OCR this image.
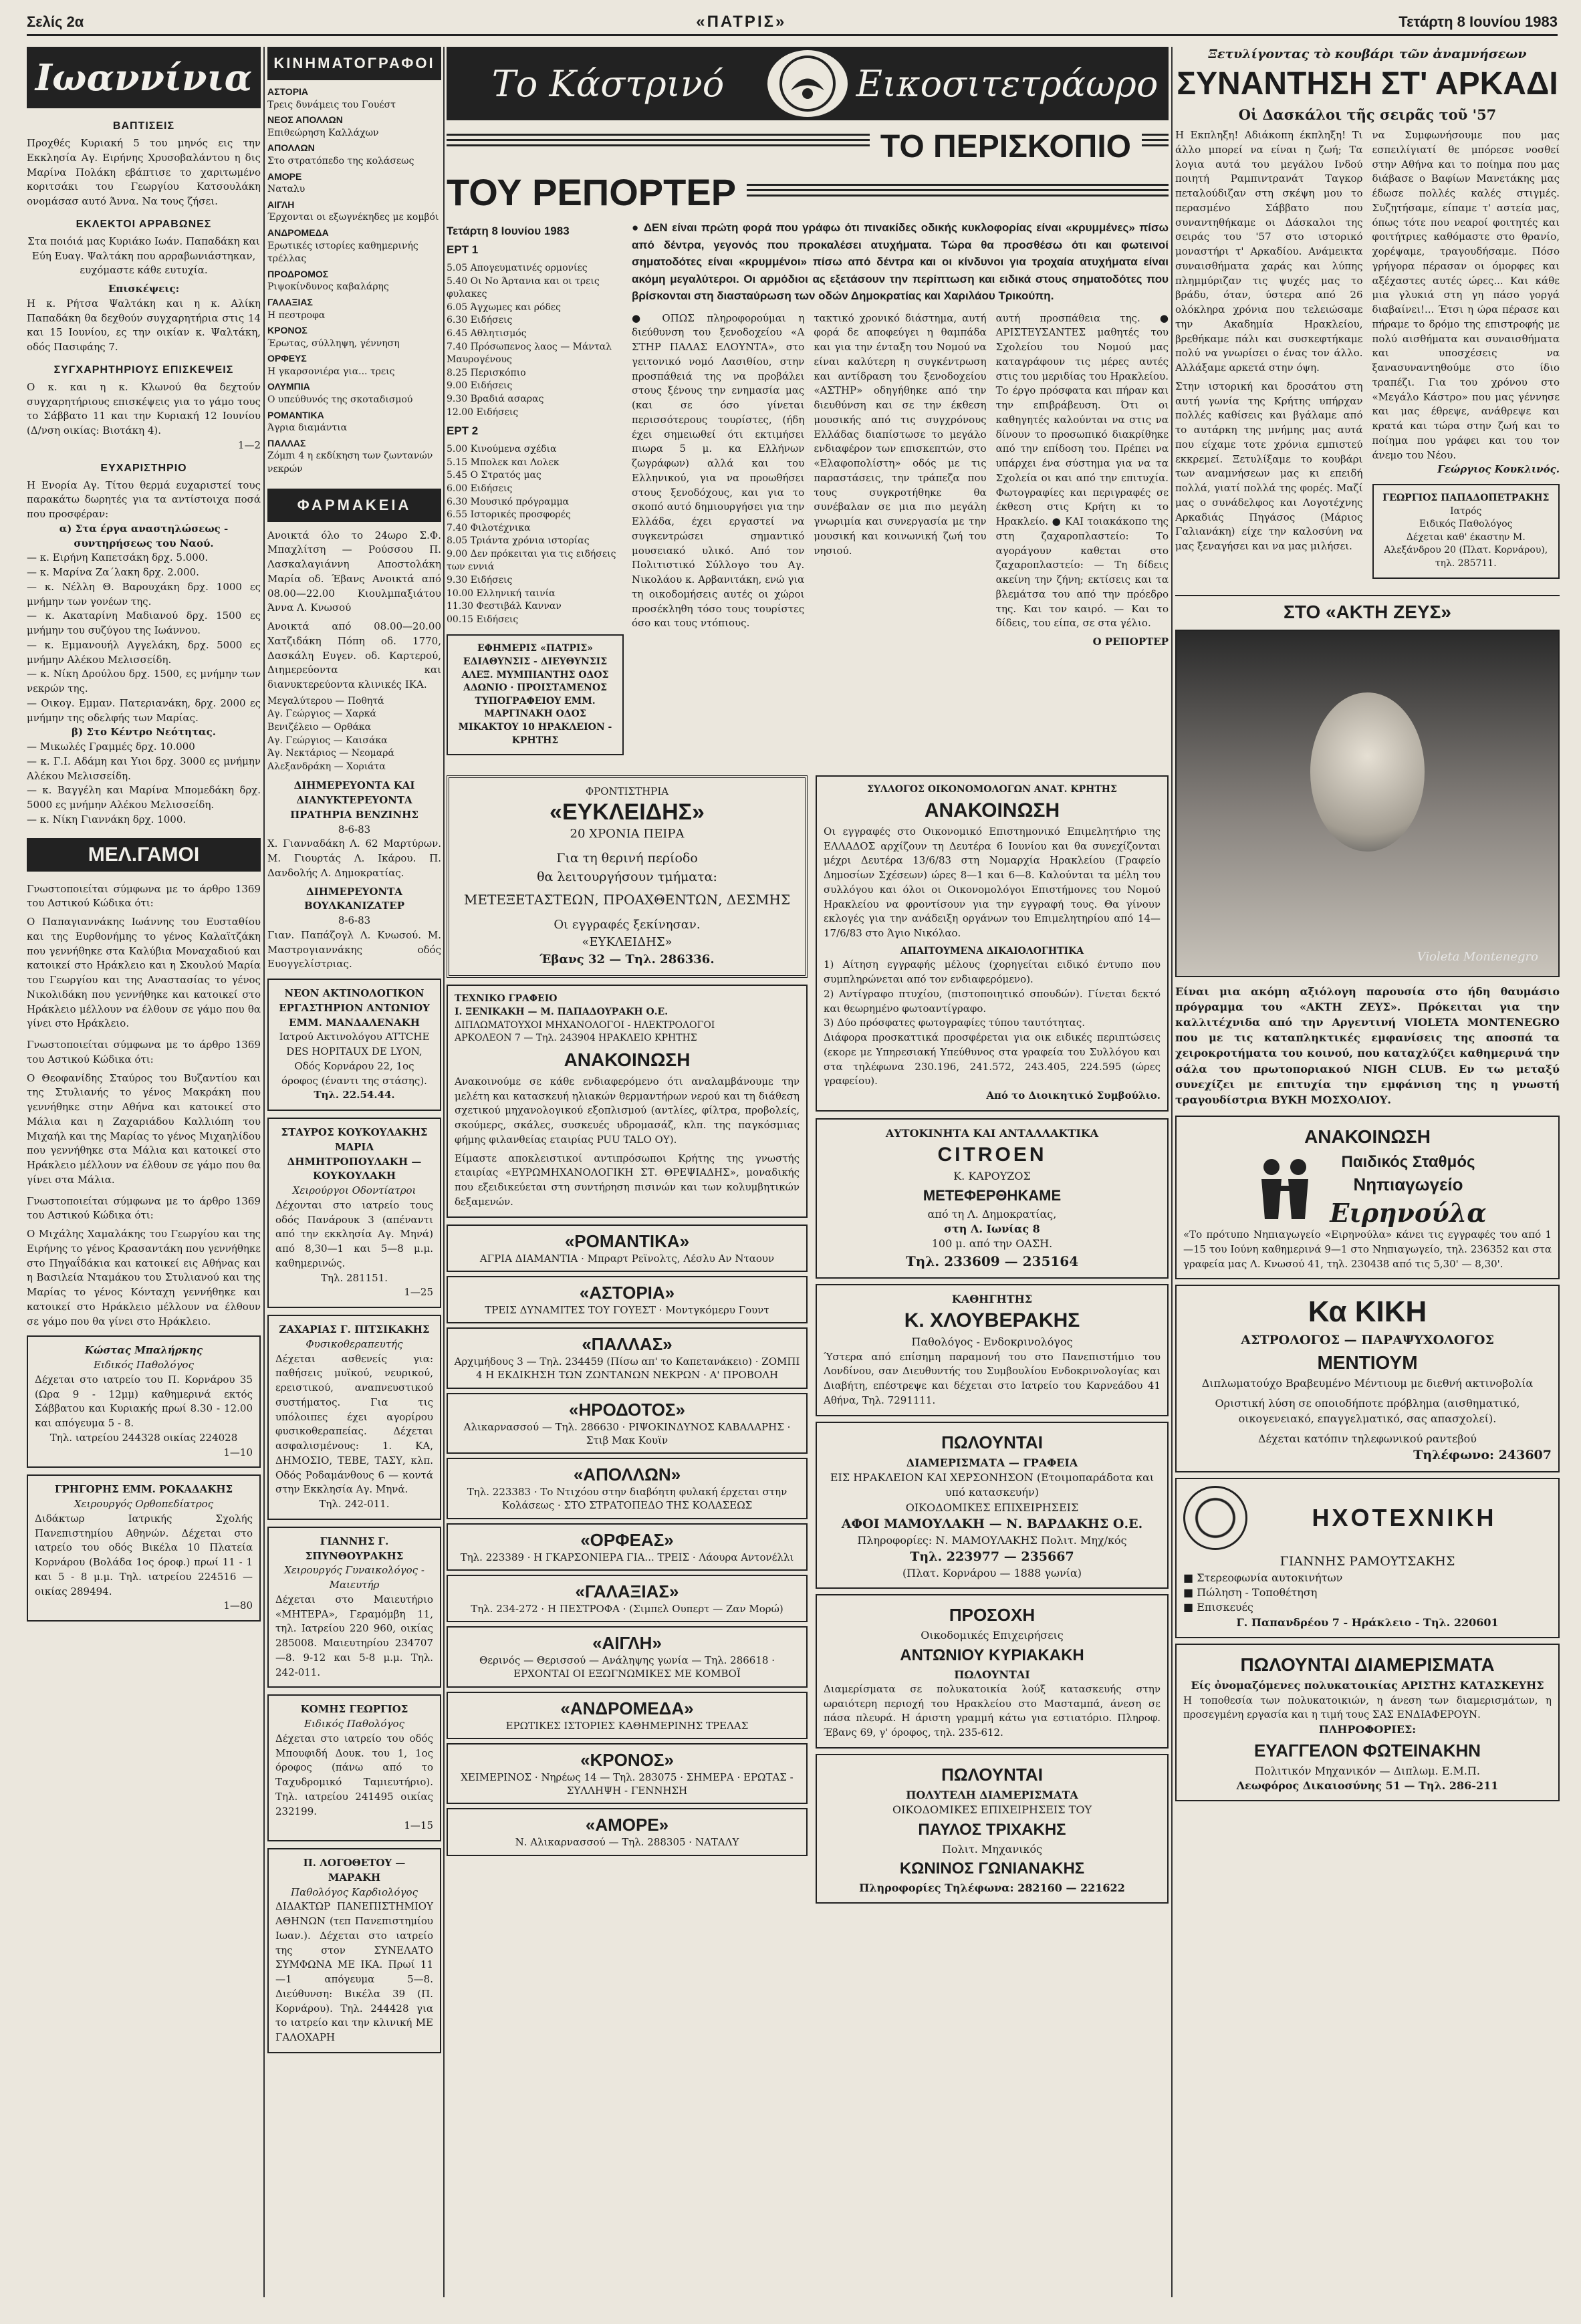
Σελίς 2α	«ΠΑΤΡΙΣ»	Τετάρτη 8 Ιουνίου 1983
Ιωαννίνια
ΒΑΠΤΙΣΕΙΣ

Προχθές Κυριακή 5 του μηνός εις την Εκκλησία Αγ. Ειρήνης Χρυσοβαλάντου η δις Μαρίνα Πολάκη εβάπτισε το χαριτωμένο κοριτσάκι του Γεωργίου Κατσουλάκη ονομάσασ αυτό Άννα. Να τους ζήσει.

ΕΚΛΕΚΤΟΙ ΑΡΡΑΒΩΝΕΣ

Στα ποιόιά μας Κυριάκο Ιωάν. Παπαδάκη και Εύη Ευαγ. Ψαλτάκη που αρραβωνιάστηκαν, ευχόμαστε κάθε ευτυχία.

Επισκέψεις:

Η κ. Ρήτσα Ψαλτάκη και η κ. Αλίκη Παπαδάκη θα δεχθούν συγχαρητήρια στις 14 και 15 Ιουνίου, ες την οικίαν κ. Ψαλτάκη, οδός Πασιφάης 7.

ΣΥΓΧΑΡΗΤΗΡΙΟΥΣ ΕΠΙΣΚΕΨΕΙΣ

Ο κ. και η κ. Κλωνού θα δεχτούν συγχαρητήριους επισκέψεις για το γάμο τους το Σάββατο 11 και την Κυριακή 12 Ιουνίου (Δ/νση οικίας: Βιοτάκη 4).

1—2

ΕΥΧΑΡΙΣΤΗΡΙΟ

Η Ενορία Αγ. Τίτου θερμά ευχαριστεί τους παρακάτω δωρητές για τα αντίστοιχα ποσά που προσφέραν:

α) Στα έργα αναστηλώσεως - συντηρήσεως του Ναού.

— κ. Ειρήνη Καπετσάκη δρχ. 5.000.

— κ. Μαρίνα Ζα΄λακη δρχ. 2.000.

— κ. Νέλλη Θ. Βαρουχάκη δρχ. 1000 ες μνήμην των γονέων της.

— κ. Ακαταρίνη Μαδιανού δρχ. 1500 ες μνήμην του συζύγου της Ιωάννου.

— κ. Εμμανουήλ Αγγελάκη, δρχ. 5000 ες μνήμην Αλέκου Μελισσείδη.

— κ. Νίκη Δρούλου δρχ. 1500, ες μνήμην των νεκρών της.

— Οικογ. Εμμαν. Πατεριανάκη, δρχ. 2000 ες μνήμην της οδελφής των Μαρίας.

β) Στο Κέντρο Νεότητας.

— Μικωλές Γραμμές δρχ. 10.000

— κ. Γ.Ι. Αδάμη και Υιοι δρχ. 3000 ες μνήμην Αλέκου Μελισσείδη.

— κ. Βαγγέλη και Μαρίνα Μπομεδάκη δρχ. 5000 ες μνήμην Αλέκου Μελισσείδη.

— κ. Νίκη Γιαννάκη δρχ. 1000.

ΜΕΛ.ΓΑΜΟΙ

Γνωστοποιείται σύμφωνα με το άρθρο 1369 του Αστικού Κώδικα ότι:

Ο Παπαγιαννάκης Ιωάννης του Ευσταθίου και της Ευρθονήμης το γένος Καλαϊτζάκη που γεννήθηκε στα Καλύβια Μοναχαδιού και κατοικεί στο Ηράκλειο και η Σκουλού Μαρία του Γεωργίου και της Αναστασίας το γένος Νικολιδάκη που γεννήθηκε και κατοικεί στο Ηράκλειο μέλλουν να έλθουν σε γάμο που θα γίνει στο Ηράκλειο.

Γνωστοποιείται σύμφωνα με το άρθρο 1369 του Αστικού Κώδικα ότι:

Ο Θεοφανίδης Σταύρος του Βυζαντίου και της Στυλιανής το γένος Μακράκη που γεννήθηκε στην Αθήνα και κατοικεί στο Μάλια και η Ζαχαριάδου Καλλιόπη του Μιχαήλ και της Μαρίας το γένος Μιχαηλίδου που γεννήθηκε στα Μάλια και κατοικεί στο Ηράκλειο μέλλουν να έλθουν σε γάμο που θα γίνει στα Μάλια.

Γνωστοποιείται σύμφωνα με το άρθρο 1369 του Αστικού Κώδικα ότι:

Ο Μιχάλης Χαμαλάκης του Γεωργίου και της Ειρήνης το γένος Κρασαντάκη που γεννήθηκε στο Πηγαΐδάκια και κατοικεί εις Αθήνας και η Βασιλεία Νταμάκου του Στυλιανού και της Μαρίας το γένος Κόνταχη γεννήθηκε και κατοικεί στο Ηράκλειο μέλλουν να έλθουν σε γάμο που θα γίνει στο Ηράκλειο.

Κώστας Μπαλήρκης

Ειδικός Παθολόγος

Δέχεται στο ιατρείο του Π. Κορνάρου 35 (Ωρα 9 - 12μμ) καθημερινά εκτός Σάββατου και Κυριακής πρωί 8.30 - 12.00 και απόγευμα 5 - 8.

Τηλ. ιατρείου 244328 οικίας 224028

1—10

ΓΡΗΓΟΡΗΣ ΕΜΜ. ΡΟΚΑΔΑΚΗΣ

Χειρουργός Ορθοπεδίατρος

Διδάκτωρ Ιατρικής Σχολής Πανεπιστημίου Αθηνών. Δέχεται στο ιατρείο του οδός Βικέλα 10 Πλατεία Κορνάρου (Βολάδα 1ος όροφ.) πρωί 11 - 1 και 5 - 8 μ.μ. Τηλ. ιατρείου 224516 — οικίας 289494.

1—80

ΚΙΝΗΜΑΤΟΓΡΑΦΟΙ

ΑΣΤΟΡΙΑ

Τρεις δυνάμεις του Γουέστ

ΝΕΟΣ ΑΠΟΛΛΩΝ

Επιθεώρηση Καλλάχων

ΑΠΟΛΛΩΝ

Στο στρατόπεδο της κολάσεως

ΑΜΟΡΕ

Ναταλυ

ΑΙΓΛΗ

Έρχονται οι εξωγνέκηδες με κομβόι

ΑΝΔΡΟΜΕΔΑ

Ερωτικές ιστορίες καθημερινής τρέλλας

ΠΡΟΔΡΟΜΟΣ

Ριψοκίνδυνος καβαλάρης

ΓΑΛΑΞΙΑΣ

Η πεστροφα

ΚΡΟΝΟΣ

Έρωτας, σύλληψη, γέννηση

ΟΡΦΕΥΣ

Η γκαρσονιέρα για... τρεις

ΟΛΥΜΠΙΑ

Ο υπεύθυνός της σκοταδισμού

ΡΟΜΑΝΤΙΚΑ

Άγρια διαμάντια

ΠΑΛΛΑΣ

Ζόμπι 4 η εκδίκηση των ζωντανών νεκρών

ΦΑΡΜΑΚΕΙΑ

Ανοικτά όλο το 24ωρο Σ.Φ. Μπαχλίτση — Ρούσσου Π. Λασκαλαγιάννη Αποστολάκη Μαρία οδ. Έβανς Ανοικτά από 08.00—22.00 Κιουλμπαξιάτου Άννα Λ. Κνωσού

Ανοικτά από 08.00—20.00 Χατζιδάκη Πόπη οδ. 1770, Δασκάλη Ευγεν. οδ. Καρτερού, Διημερεύοντα και διανυκτερεύοντα κλινικές ΙΚΑ.

Μεγαλύτερου — Ποθητά

Αγ. Γεώργιος — Χαρκά

Βενιζέλειο — Ορθάκα

Αγ. Γεώργιος — Καισάκα

Άγ. Νεκτάριος — Νεομαρά

Αλεξανδράκη — Χοριάτα

ΔΙΗΜΕΡΕΥΟΝΤΑ ΚΑΙ ΔΙΑΝΥΚΤΕΡΕΥΟΝΤΑ ΠΡΑΤΗΡΙΑ ΒΕΝΖΙΝΗΣ

8-6-83

Χ. Γιανναδάκη Λ. 62 Μαρτύρων. Μ. Γιουρτάς Λ. Ικάρου. Π. Δανδολής Λ. Δημοκρατίας.

ΔΙΗΜΕΡΕΥΟΝΤΑ ΒΟΥΛΚΑΝΙΖΑΤΕΡ

8-6-83

Γιαν. Παπάζογλ Λ. Κνωσού. Μ. Μαστρογιαννάκης οδός Ευογγελίστριας.

ΝΕΟΝ ΑΚΤΙΝΟΛΟΓΙΚΟΝ ΕΡΓΑΣΤΗΡΙΟΝ ΑΝΤΩΝΙΟΥ ΕΜΜ. ΜΑΝΔΑΛΕΝΑΚΗ

Ιατρού Ακτινολόγου ATTCHE DES HOPITAUX DE LYON, Οδός Κορνάρου 22, 1ος όροφος (έναντι της στάσης).

Τηλ. 22.54.44.

ΣΤΑΥΡΟΣ ΚΟΥΚΟΥΛΑΚΗΣ ΜΑΡΙΑ ΔΗΜΗΤΡΟΠΟΥΛΑΚΗ — ΚΟΥΚΟΥΛΑΚΗ

Χειρούργοι Οδοντίατροι

Δέχονται στο ιατρείο τους οδός Πανάρουκ 3 (απέναντι από την εκκλησία Αγ. Μηνά) από 8,30—1 και 5—8 μ.μ. καθημερινώς.

Τηλ. 281151.

1—25

ΖΑΧΑΡΙΑΣ Γ. ΠΙΤΣΙΚΑΚΗΣ

Φυσικοθεραπευτής

Δέχεται ασθενείς για: παθήσεις μυϊκού, νευρικού, ερειστικού, αναπνευστικού συστήματος. Για τις υπόλοιπες έχει αγορίρου φυσικοθεραπείας. Δέχεται ασφαλισμένους: 1. ΚΑ, ΔΗΜΟΣΙΟ, ΤΕΒΕ, ΤΑΣΥ, κλπ. Οδός Ροδαμάνθους 6 — κοντά στην Εκκλησία Αγ. Μηνά.

Τηλ. 242-011.

ΓΙΑΝΝΗΣ Γ. ΣΠΥΝΘΟΥΡΑΚΗΣ

Χειρουργός Γυναικολόγος - Μαιευτήρ

Δέχεται στο Μαιευτήριο «ΜΗΤΕΡΑ», Γεραμόμβη 11, τηλ. Ιατρείου 220 960, οικίας 285008. Μαιευτηρίου 234707—8. 9-12 και 5-8 μ.μ. Τηλ. 242-011.

ΚΟΜΗΣ ΓΕΩΡΓΙΟΣ

Ειδικός Παθολόγος

Δέχεται στο ιατρείο του οδός Μπουφιδή Δουκ. του 1, 1ος όροφος (πάνω από το Ταχυδρομικό Ταμιευτήριο). Τηλ. ιατρείου 241495 οικίας 232199.

1—15

Π. ΛΟΓΟΘΕΤΟΥ — ΜΑΡΑΚΗ

Παθολόγος Καρδιολόγος

ΔΙΔΑΚΤΩΡ ΠΑΝΕΠΙΣΤΗΜΙΟΥ ΑΘΗΝΩΝ (τεπ Πανεπιστημίου Ιωαν.). Δέχεται στο ιατρείο της στον ΣΥΝΕΛΑΤΟ ΣΥΜΦΩΝΑ ΜΕ ΙΚΑ. Πρωί 11—1 απόγευμα 5—8. Διεύθυνση: Βικέλα 39 (Π. Κορνάρου). Τηλ. 244428 για το ιατρείο και την κλινική ΜΕ ΓΑΛΟΧΑΡΗ

Το Κάστρινό	Εικοσιτετράωρο
ΤΟ ΠΕΡΙΣΚΟΠΙΟ
ΤΟΥ ΡΕΠΟΡΤΕΡ
Τετάρτη 8 Ιουνίου 1983
ΕΡΤ 1

5.05 Απογευματινές ορμονίες

5.40 Οι Νο Άρτανια και οι τρεις φυλακες

6.05 Άγχωμες και ρόδες

6.30 Ειδήσεις

6.45 Αθλητισμός

7.40 Πρόσωπενος λαος — Μάνταλ Μαυρογένους

8.25 Περισκόπιο

9.00 Ειδήσεις

9.30 Βραδιά ασαρας

12.00 Ειδήσεις

ΕΡΤ 2

5.00 Κινούμενα σχέδια

5.15 Μπολεκ και Λολεκ

5.45 Ο Στρατός μας

6.00 Ειδήσεις

6.30 Μουσικό πρόγραμμα

6.55 Ιστορικές προσφορές

7.40 Φιλοτέχνικα

8.05 Τριάντα χρόνια ιστορίας

9.00 Δεν πρόκειται για τις ειδήσεις των εννιά

9.30 Ειδήσεις

10.00 Ελληνική ταινία

11.30 Φεστιβάλ Κανναν

00.15 Ειδήσεις

ΕΦΗΜΕΡΙΣ «ΠΑΤΡΙΣ» ΕΔΙΑΘΥΝΣΙΣ - ΔΙΕΥΘΥΝΣΙΣ ΑΛΕΞ. ΜΥΜΠΙΑΝΤΗΣ ΟΔΟΣ ΑΔΩΝΙΟ · ΠΡΟΙΣΤΑΜΕΝΟΣ ΤΥΠΟΓΡΑΦΕΙΟΥ ΕΜΜ. ΜΑΡΓΙΝΑΚΗ ΟΔΟΣ ΜΙΚΑΚΤΟΥ 10 ΗΡΑΚΛΕΙΟΝ - ΚΡΗΤΗΣ

● ΔΕΝ είναι πρώτη φορά που γράφω ότι πινακίδες οδικής κυκλοφορίας είναι «κρυμμένες» πίσω από δέντρα, γεγονός που προκαλέσει ατυχήματα. Τώρα θα προσθέσω ότι και φωτεινοί σηματοδότες είναι «κρυμμένοι» πίσω από δέντρα και οι κίνδυνοι για τροχαία ατυχήματα είναι ακόμη μεγαλύτεροι. Οι αρμόδιοι ας εξετάσουν την περίπτωση και ειδικά στους σηματοδότες που βρίσκονται στη διασταύρωση των οδών Δημοκρατίας και Χαριλάου Τρικούπη.

● ΟΠΩΣ πληροφορούμαι η διεύθυνση του ξενοδοχείου «Α ΣΤΗΡ ΠΑΛΑΣ ΕΛΟΥΝΤΑ», στο γειτονικό νομό Λασιθίου, στην προσπάθειά της να προβάλει στους ξένους την ενημασία μας (και σε όσο γίνεται περισσότερους τουρίστες, (ήδη έχει σημειωθεί ότι εκτιμήσει πιωρα 5 μ. κα Ελλήνων ζωγράφων) αλλά και του Ελληνικού, για να προωθήσει στους ξενοδόχους, και για το σκοπό αυτό δημιουργήσει για την Ελλάδα, έχει εργαστεί να συγκεντρώσει σημαντικό μουσειακό υλικό. Από τον Πολιτιστικό Σύλλογο του Αγ. Νικολάου κ. Αρβανιτάκη, ενώ για τη οικοδομήσεις αυτές οι χώροι προσέκληθη τόσο τους τουρίστες όσο και τους ντόπιους.

τακτικό χρονικό διάστημα, αυτή φορά δε αποφεύγει η θαμπάδα και για την ένταξη του Νομού να είναι καλύτερη η συγκέντρωση και αντίδραση του ξενοδοχείου «ΑΣΤΗΡ» οδηγήθηκε από την διευθύνση και σε την έκθεση μουσικής από τις συγχρόνους Ελλάδας διαπίστωσε το μεγάλο ενδιαφέρον των επισκεπτών, στο «Ελαφοπολίστη» οδός με τις παραστάσεις, την τράπεζα που τους συγκροτήθηκε θα συνέβαλαν σε μια πιο μεγάλη γνωριμία και συνεργασία με την μουσική και κοινωνική ζωή του νησιού.

αυτή προσπάθεια της. ● ΑΡΙΣΤΕΥΣΑΝΤΕΣ μαθητές του Σχολείου του Νομού μας καταγράφουν τις μέρες αυτές στις του μεριδίας του Ηρακλείου. Το έργο πρόσφατα και πήραν και την επιβράβευση. Ότι οι καθηγητές καλούνται να στις να δίνουν το προσωπικό διακρίθηκε από την επίδοση του. Πρέπει να υπάρχει ένα σύστημα για να τα Σχολεία οι και από την επιτυχία. Φωτογραφίες και περιγραφές σε έκθεση στις Κρήτη κι το Ηρακλείο. ● ΚΑΙ τοιακάκοπο της στη ζαχαροπλαστείο: Το αγοράγουν καθεται στο ζαχαροπλαστείο: — Τη δίδεις ακείνη την ζήνη; εκτίσεις και τα βλεμάτσα του από την πρόεδρο της. Και τον καιρό. — Και το δίδεις, του είπα, σε στα γέλιο.

Ο ΡΕΠΟΡΤΕΡ

ΦΡΟΝΤΙΣΤΗΡΙΑ

«ΕΥΚΛΕΙΔΗΣ»

20 ΧΡΟΝΙΑ ΠΕΙΡΑ

Για τη θερινή περίοδο

θα λειτουργήσουν τμήματα:

ΜΕΤΕΞΕΤΑΣΤΕΩΝ, ΠΡΟΑΧΘΕΝΤΩΝ, ΔΕΣΜΗΣ

Οι εγγραφές ξεκίνησαν.

«ΕΥΚΛΕΙΔΗΣ»

Έβανς 32 — Τηλ. 286336.

ΤΕΧΝΙΚΟ ΓΡΑΦΕΙΟ

Ι. ΞΕΝΙΚΑΚΗ — Μ. ΠΑΠΑΔΟΥΡΑΚΗ Ο.Ε.

ΔΙΠΛΩΜΑΤΟΥΧΟΙ ΜΗΧΑΝΟΛΟΓΟΙ - ΗΛΕΚΤΡΟΛΟΓΟΙ

ΑΡΚΟΛΕΟΝ 7 — Τηλ. 243904 ΗΡΑΚΛΕΙΟ ΚΡΗΤΗΣ

ΑΝΑΚΟΙΝΩΣΗ

Ανακοινούμε σε κάθε ενδιαφερόμενο ότι αναλαμβάνουμε την μελέτη και κατασκευή ηλιακών θερμαντήρων νερού και τη διάθεση σχετικού μηχανολογικού εξοπλισμού (αντλίες, φίλτρα, προβολείς, σκούμερς, σκάλες, συσκευές υδρομασάζ, κλπ. της παγκόσμιας φήμης φιλανθείας εταιρίας PUU TALO OY).

Είμαστε αποκλειστικοί αντιπρόσωποι Κρήτης της γνωστής εταιρίας «ΕΥΡΩΜΗΧΑΝΟΛΟΓΙΚΗ ΣΤ. ΘΡΕΨΙΑΔΗΣ», μοναδικής που εξειδικεύεται στη συντήρηση πισινών και των κολυμβητικών δεξαμενών.

«ΡΟΜΑΝΤΙΚΑ»

ΑΓΡΙΑ ΔΙΑΜΑΝΤΙΑ · Μπραρτ Ρεϊνολτς, Λέσλυ Αν Νταουν

«ΑΣΤΟΡΙΑ»

ΤΡΕΙΣ ΔΥΝΑΜΙΤΕΣ ΤΟΥ ΓΟΥΕΣΤ · Μοντγκόμερυ Γουντ

«ΠΑΛΛΑΣ»

Αρχιμήδους 3 — Τηλ. 234459 (Πίσω απ' το Καπετανάκειο) · ΖΟΜΠΙ 4 Η ΕΚΔΙΚΗΣΗ ΤΩΝ ΖΩΝΤΑΝΩΝ ΝΕΚΡΩΝ · Α' ΠΡΟΒΟΛΗ

«ΗΡΟΔΟΤΟΣ»

Αλικαρνασσού — Τηλ. 286630 · ΡΙΨΟΚΙΝΔΥΝΟΣ ΚΑΒΑΛΑΡΗΣ · Στιβ Μακ Κουϊν

«ΑΠΟΛΛΩΝ»

Τηλ. 223383 · Το Ντιχόου στην διαβόητη φυλακή έρχεται στην Κολάσεως · ΣΤΟ ΣΤΡΑΤΟΠΕΔΟ ΤΗΣ ΚΟΛΑΣΕΩΣ

«ΟΡΦΕΑΣ»

Τηλ. 223389 · Η ΓΚΑΡΣΟΝΙΕΡΑ ΓΙΑ... ΤΡΕΙΣ · Λάουρα Αντονέλλι

«ΓΑΛΑΞΙΑΣ»

Τηλ. 234-272 · Η ΠΕΣΤΡΟΦΑ · (Σιμπελ Ουπερτ — Ζαν Μορώ)

«ΑΙΓΛΗ»

Θερινός — Θερισσού — Ανάληψης γωνία — Τηλ. 286618 · ΕΡΧΟΝΤΑΙ ΟΙ ΕΞΩΓΝΩΜΙΚΕΣ ΜΕ ΚΟΜΒΟΪ

«ΑΝΔΡΟΜΕΔΑ»

ΕΡΩΤΙΚΕΣ ΙΣΤΟΡΙΕΣ ΚΑΘΗΜΕΡΙΝΗΣ ΤΡΕΛΑΣ

«ΚΡΟΝΟΣ»

ΧΕΙΜΕΡΙΝΟΣ · Νηρέως 14 — Τηλ. 283075 · ΣΗΜΕΡΑ · ΕΡΩΤΑΣ - ΣΥΛΛΗΨΗ - ΓΕΝΝΗΣΗ

«ΑΜΟΡΕ»

Ν. Αλικαρνασσού — Τηλ. 288305 · ΝΑΤΑΛΥ

ΣΥΛΛΟΓΟΣ ΟΙΚΟΝΟΜΟΛΟΓΩΝ ΑΝΑΤ. ΚΡΗΤΗΣ

ΑΝΑΚΟΙΝΩΣΗ

Οι εγγραφές στο Οικονομικό Επιστημονικό Επιμελητήριο της ΕΛΛΑΔΟΣ αρχίζουν τη Δευτέρα 6 Ιουνίου και θα συνεχίζονται μέχρι Δευτέρα 13/6/83 στη Νομαρχία Ηρακλείου (Γραφείο Δημοσίων Σχέσεων) ώρες 8—1 και 6—8. Καλούνται τα μέλη του συλλόγου και όλοι οι Οικονομολόγοι Επιστήμονες του Νομού Ηρακλείου να φροντίσουν για την εγγραφή τους. Θα γίνουν εκλογές για την ανάδειξη οργάνων του Επιμελητηρίου από 14—17/6/83 στο Άγιο Νικόλαο.

ΑΠΑΙΤΟΥΜΕΝΑ ΔΙΚΑΙΟΛΟΓΗΤΙΚΑ

1) Αίτηση εγγραφής μέλους (χορηγείται ειδικό έντυπο που συμπληρώνεται από τον ενδιαφερόμενο).

2) Αντίγραφο πτυχίου, (πιστοποιητικό σπουδών). Γίνεται δεκτό και θεωρημένο φωτοαντίγραφο.

3) Δύο πρόσφατες φωτογραφίες τύπου ταυτότητας.

Διάφορα προσκαττικά προσφέρεται για οικ ειδικές περιπτώσεις (εκορε με Υπηρεσιακή Υπεύθυνος στα γραφεία του Συλλόγου και στα τηλέφωνα 230.196, 241.572, 243.405, 224.595 (ώρες γραφείου).

Από το Διοικητικό Συμβούλιο.

ΑΥΤΟΚΙΝΗΤΑ ΚΑΙ ΑΝΤΑΛΛΑΚΤΙΚΑ

CITROEN

Κ. ΚΑΡΟΥΖΟΣ

ΜΕΤΕΦΕΡΘΗΚΑΜΕ

από τη Λ. Δημοκρατίας,

στη Λ. Ιωνίας 8

100 μ. από την ΟΑΣΗ.

Τηλ. 233609 — 235164

ΚΑΘΗΓΗΤΗΣ

Κ. ΧΛΟΥΒΕΡΑΚΗΣ

Παθολόγος - Ενδοκρινολόγος

Ύστερα από επίσημη παραμονή του στο Πανεπιστήμιο του Λονδίνου, σαν Διευθυντής του Συμβουλίου Ενδοκρινολογίας και Διαβήτη, επέστρεψε και δέχεται στο Ιατρείο του Καρνεάδου 41 Αθήνα, Τηλ. 7291111.

ΠΩΛΟΥΝΤΑΙ

ΔΙΑΜΕΡΙΣΜΑΤΑ — ΓΡΑΦΕΙΑ

ΕΙΣ ΗΡΑΚΛΕΙΟΝ ΚΑΙ ΧΕΡΣΟΝΗΣΟΝ (Ετοιμοπαράδοτα και υπό κατασκευήν)

ΟΙΚΟΔΟΜΙΚΕΣ ΕΠΙΧΕΙΡΗΣΕΙΣ

ΑΦΟΙ ΜΑΜΟΥΛΑΚΗ — Ν. ΒΑΡΔΑΚΗΣ Ο.Ε.

Πληροφορίες: Ν. ΜΑΜΟΥΛΑΚΗΣ Πολιτ. Μηχ/κός

Τηλ. 223977 — 235667

(Πλατ. Κορνάρου — 1888 γωνία)

ΠΡΟΣΟΧΗ

Οικοδομικές Επιχειρήσεις

ΑΝΤΩΝΙΟΥ ΚΥΡΙΑΚΑΚΗ

ΠΩΛΟΥΝΤΑΙ

Διαμερίσματα σε πολυκατοικία λούξ κατασκευής στην ωραιότερη περιοχή του Ηρακλείου στο Μασταμπά, άνεση σε πάσα πλευρά. Η άριστη γραμμή κάτω για εστιατόριο. Πληροφ. Έβανς 69, γ' όροφος, τηλ. 235-612.

ΠΩΛΟΥΝΤΑΙ

ΠΟΛΥΤΕΛΗ ΔΙΑΜΕΡΙΣΜΑΤΑ

ΟΙΚΟΔΟΜΙΚΕΣ ΕΠΙΧΕΙΡΗΣΕΙΣ ΤΟΥ

ΠΑΥΛΟΣ ΤΡΙΧΑΚΗΣ

Πολιτ. Μηχανικός

ΚΩΝΙΝΟΣ ΓΩΝΙΑΝΑΚΗΣ

Πληροφορίες Τηλέφωνα: 282160 — 221622

Ξετυλίγοντας τὸ κουβάρι τῶν ἀναμνήσεων

ΣΥΝΑΝΤΗΣΗ ΣΤ' ΑΡΚΑΔΙ

Οἱ Δασκάλοι τῆς σειρᾶς τοῦ '57

Η Εκπληξη! Αδιάκοπη έκπληξη! Τι άλλο μπορεί να είναι η ζωή; Τα λογια αυτά του μεγάλου Ινδού ποιητή Ραμπιντρανάτ Ταγκορ πεταλούδιζαν στη σκέψη μου το περασμένο Σάββατο που συναντηθήκαμε οι Δάσκαλοι της σειράς του '57 στο ιστορικό μοναστήρι τ' Αρκαδίου. Ανάμεικτα συναισθήματα χαράς και λύπης πλημμύριζαν τις ψυχές μας το βράδυ, όταν, ύστερα από 26 ολόκληρα χρόνια που τελειώσαμε την Ακαδημία Ηρακλείου, βρεθήκαμε πάλι και συσκεφτήκαμε πολύ να γνωρίσει ο ένας τον άλλο. Αλλάξαμε αρκετά στην όψη.

Στην ιστορική και δροσάτου στη αυτή γωνία της Κρήτης υπήρχαν πολλές καθίσεις και βγάλαμε από το αυτάρκη της μνήμης μας αυτά που είχαμε τοτε χρόνια εμπιστεύ εκκρεμεί. Ξετυλίξαμε το κουβάρι των αναμνήσεων μας κι επειδή πολλά, γιατί πολλά της φορές. Μαζί μας ο συνάδελφος και Λογοτέχνης Αρκαδιάς Πηγάσος (Μάριος Γαλιανάκη) είχε την καλοσύνη να μας ξεναγήσει και να μας μιλήσει.

να Συμφωνήσουμε που μας εσπειλίγιατί θε μπόρεσε νοσθεί στην Αθήνα και το ποίημα που μας διάβασε ο Βαφίων Μανετάκης μας έδωσε πολλές καλές στιγμές. Συζητήσαμε, είπαμε τ' αστεία μας, όπως τότε που νεαροί φοιτητές και φοιτήτριες καθόμαστε στο θρανίο, χορέψαμε, τραγουδήσαμε. Πόσο γρήγορα πέρασαν οι όμορφες και αξέχαστες αυτές ώρες... Και κάθε μια γλυκιά στη γη πάσο γοργά διαβαίνει!... Έτσι η ώρα πέρασε και πήραμε το δρόμο της επιστροφής με πολύ αισθήματα και συναισθήματα και υποσχέσεις να ξανασυναντηθούμε στο ίδιο τραπέζι. Για του χρόνου στο «Μεγάλο Κάστρο» που μας γέννησε και μας έθρεψε, ανάθρεψε και κρατά και τώρα στην ζωή και το ποίημα που γράφει και του τον άνεμο του Νέου.

Γεώργιος Κουκλινός.

ΓΕΩΡΓΙΟΣ ΠΑΠΑΔΟΠΕΤΡΑΚΗΣ

Ιατρός

Ειδικός Παθολόγος

Δέχεται καθ' έκαστην Μ. Αλεξάνδρου 20 (Πλατ. Κορνάρου), τηλ. 285711.

ΣΤΟ «ΑΚΤΗ ΖΕΥΣ»

Violeta Montenegro

Είναι μια ακόμη αξιόλογη παρουσία στο ήδη θαυμάσιο πρόγραμμα του «ΑΚΤΗ ΖΕΥΣ». Πρόκειται για την καλλιτέχνιδα από την Αργεντινή VIOLETA MONTENEGRO που με τις καταπληκτικές εμφανίσεις της αποσπά τα χειροκροτήματα του κοινού, που καταχλύζει καθημερινά την σάλα του πρωτοποριακού NIGH CLUB. Εν τω μεταξύ συνεχίζει με επιτυχία την εμφάνιση της η γνωστή τραγουδίστρια ΒΥΚΗ ΜΟΣΧΟΛΙΟΥ.

ΑΝΑΚΟΙΝΩΣΗ

Παιδικός Σταθμός

Νηπιαγωγείο

Ειρηνούλα

«Το πρότυπο Νηπιαγωγείο «Ειρηνούλα» κάνει τις εγγραφές του από 1—15 του Ιούνη καθημερινά 9—1 στο Νηπιαγωγείο, τηλ. 236352 και στα γραφεία μας Λ. Κνωσού 41, τηλ. 230438 από τις 5,30' — 8,30'.

Κα ΚΙΚΗ

ΑΣΤΡΟΛΟΓΟΣ — ΠΑΡΑΨΥΧΟΛΟΓΟΣ

ΜΕΝΤΙΟΥΜ

Διπλωματούχο Βραβευμένο Μέντιουμ με διεθνή ακτινοβολία

Οριστική λύση σε οποιοδήποτε πρόβλημα (αισθηματικό, οικογενειακό, επαγγελματικό, σας απασχολεί).

Δέχεται κατόπιν τηλεφωνικού ραντεβού

Τηλέφωνο: 243607

ΗΧΟΤΕΧΝΙΚΗ

ΓΙΑΝΝΗΣ ΡΑΜΟΥΤΣΑΚΗΣ

■ Στερεοφωνία αυτοκινήτων

■ Πώληση - Τοποθέτηση

■ Επισκευές

Γ. Παπανδρέου 7 - Ηράκλειο - Τηλ. 220601

ΠΩΛΟΥΝΤΑΙ ΔΙΑΜΕΡΙΣΜΑΤΑ

Είς ὀνομαζόμενες πολυκατοικίας ΑΡΙΣΤΗΣ ΚΑΤΑΣΚΕΥΗΣ

Η τοποθεσία των πολυκατοικιών, η άνεση των διαμερισμάτων, η προσεγμένη εργασία και η τιμή τους ΣΑΣ ΕΝΔΙΑΦΕΡΟΥΝ.

ΠΛΗΡΟΦΟΡΙΕΣ:

ΕΥΑΓΓΕΛΟΝ ΦΩΤΕΙΝΑΚΗΝ

Πολιτικόν Μηχανικόν — Διπλωμ. Ε.Μ.Π.

Λεωφόρος Δικαιοσύνης 51 — Τηλ. 286-211
